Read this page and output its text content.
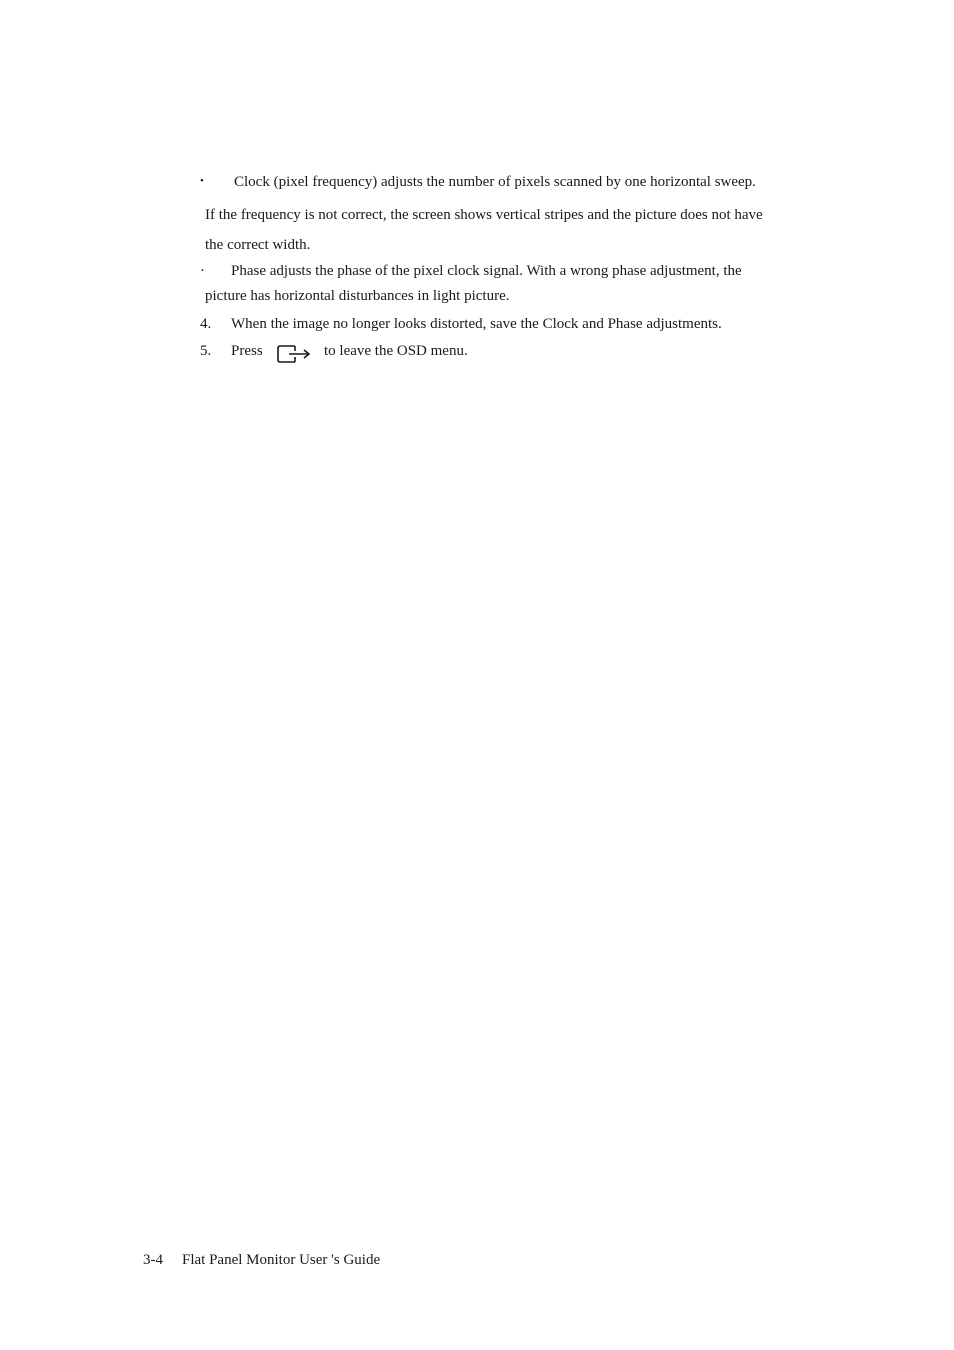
• Clock (pixel frequency) adjusts the number of pixels scanned by one horizontal sweep.
If the frequency is not correct, the screen shows vertical stripes and the picture does not have
the correct width.
· Phase adjusts the phase of the pixel clock signal. With a wrong phase adjustment, the
picture has horizontal disturbances in light picture.
4. When the image no longer looks distorted, save the Clock and Phase adjustments.
5. Press	to leave the OSD menu.
3-4 Flat Panel Monitor User 's Guide
